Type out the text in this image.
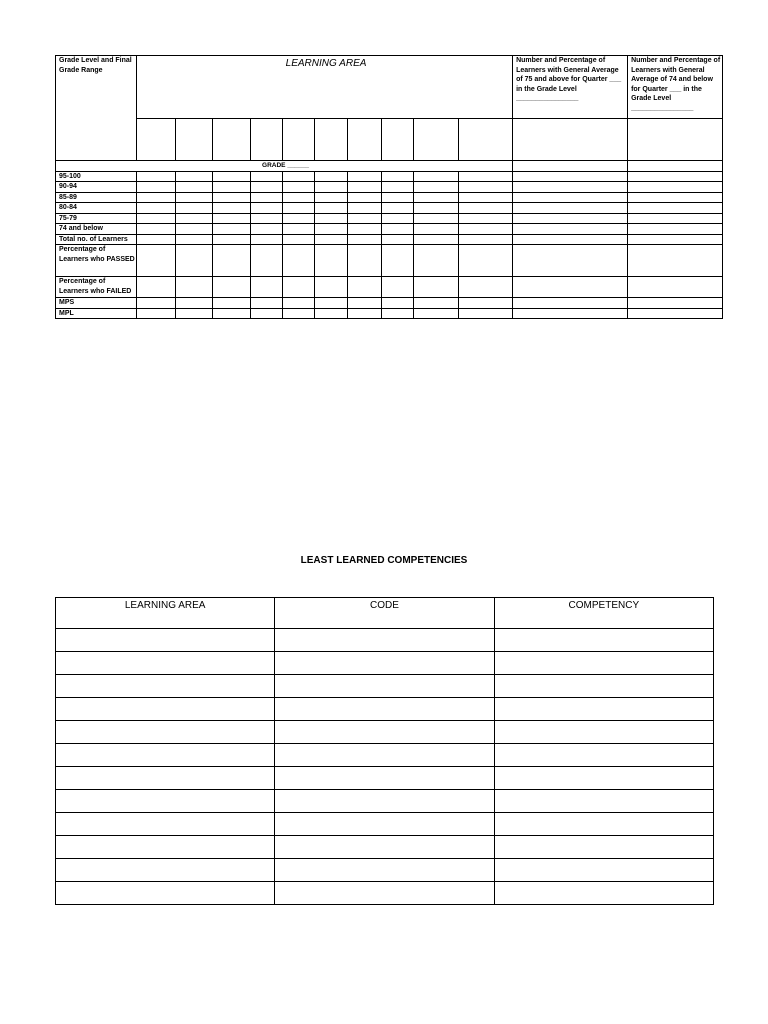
Grade Level and Final Grade Range	LEARNING AREA										Number and Percentage of Learners with General Average of 75 and above for Quarter ___ in the Grade Level ________________	Number and Percentage of Learners with General Average of 74 and below for Quarter ___ in the Grade Level ________________

GRADE ______												
95-100												
90-94												
85-89												
80-84												
75-79												
74 and below												
Total no. of Learners												
Percentage of Learners who PASSED												
Percentage of Learners who FAILED												
MPS												
MPL												
LEAST LEARNED COMPETENCIES
LEARNING AREA	CODE	COMPETENCY
